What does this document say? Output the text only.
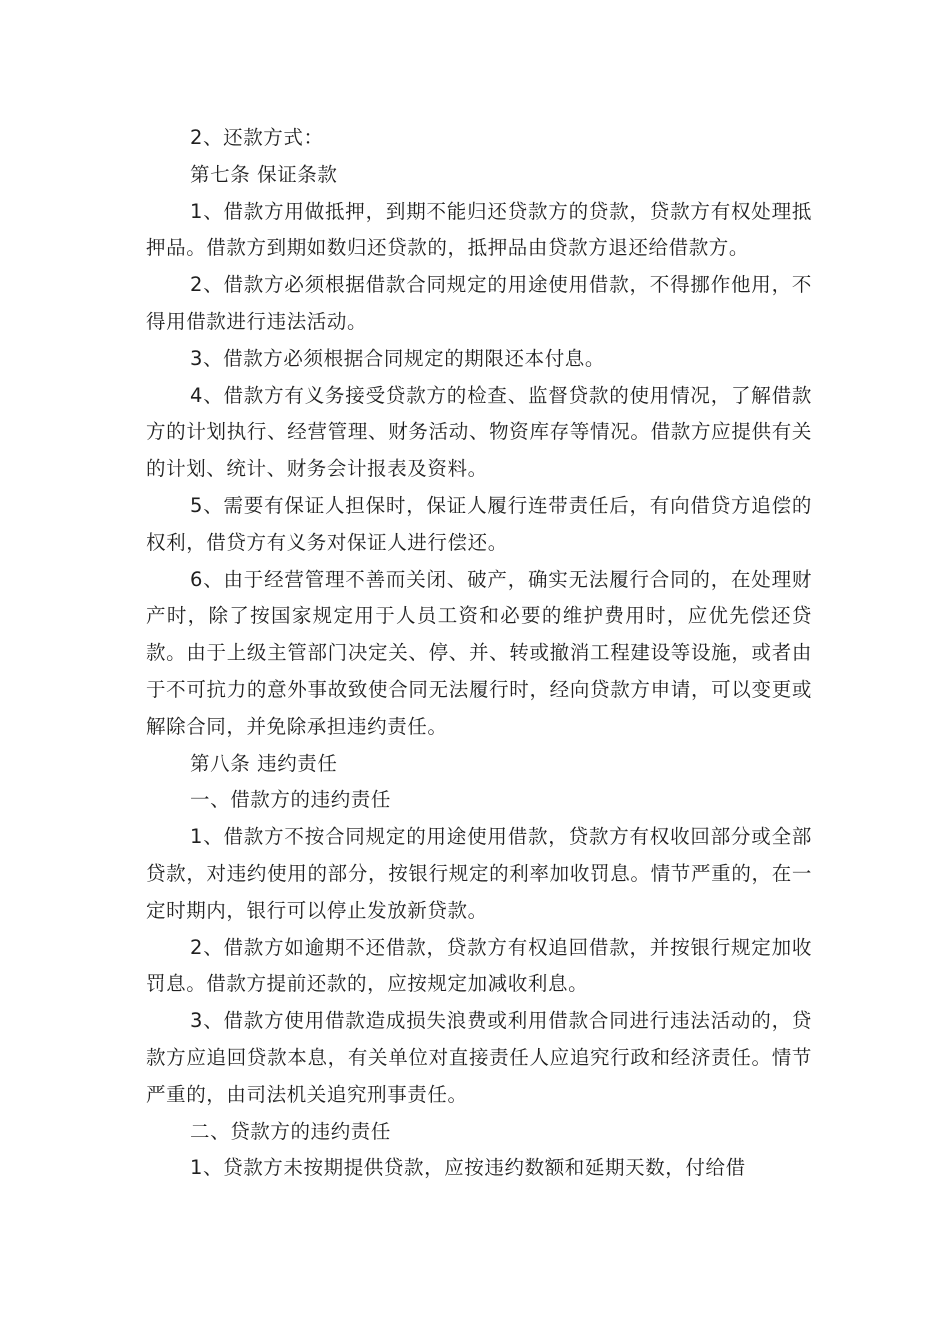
2、还款方式：

第七条 保证条款

1、借款方用做抵押，到期不能归还贷款方的贷款，贷款方有权处理抵押品。借款方到期如数归还贷款的，抵押品由贷款方退还给借款方。

2、借款方必须根据借款合同规定的用途使用借款，不得挪作他用，不得用借款进行违法活动。

3、借款方必须根据合同规定的期限还本付息。

4、借款方有义务接受贷款方的检查、监督贷款的使用情况，了解借款方的计划执行、经营管理、财务活动、物资库存等情况。借款方应提供有关的计划、统计、财务会计报表及资料。

5、需要有保证人担保时，保证人履行连带责任后，有向借贷方追偿的权利，借贷方有义务对保证人进行偿还。

6、由于经营管理不善而关闭、破产，确实无法履行合同的，在处理财产时，除了按国家规定用于人员工资和必要的维护费用时，应优先偿还贷款。由于上级主管部门决定关、停、并、转或撤消工程建设等设施，或者由于不可抗力的意外事故致使合同无法履行时，经向贷款方申请，可以变更或解除合同，并免除承担违约责任。

第八条 违约责任

一、借款方的违约责任

1、借款方不按合同规定的用途使用借款，贷款方有权收回部分或全部贷款，对违约使用的部分，按银行规定的利率加收罚息。情节严重的，在一定时期内，银行可以停止发放新贷款。

2、借款方如逾期不还借款，贷款方有权追回借款，并按银行规定加收罚息。借款方提前还款的，应按规定加减收利息。

3、借款方使用借款造成损失浪费或利用借款合同进行违法活动的，贷款方应追回贷款本息，有关单位对直接责任人应追究行政和经济责任。情节严重的，由司法机关追究刑事责任。

二、贷款方的违约责任

1、贷款方未按期提供贷款，应按违约数额和延期天数，付给借
